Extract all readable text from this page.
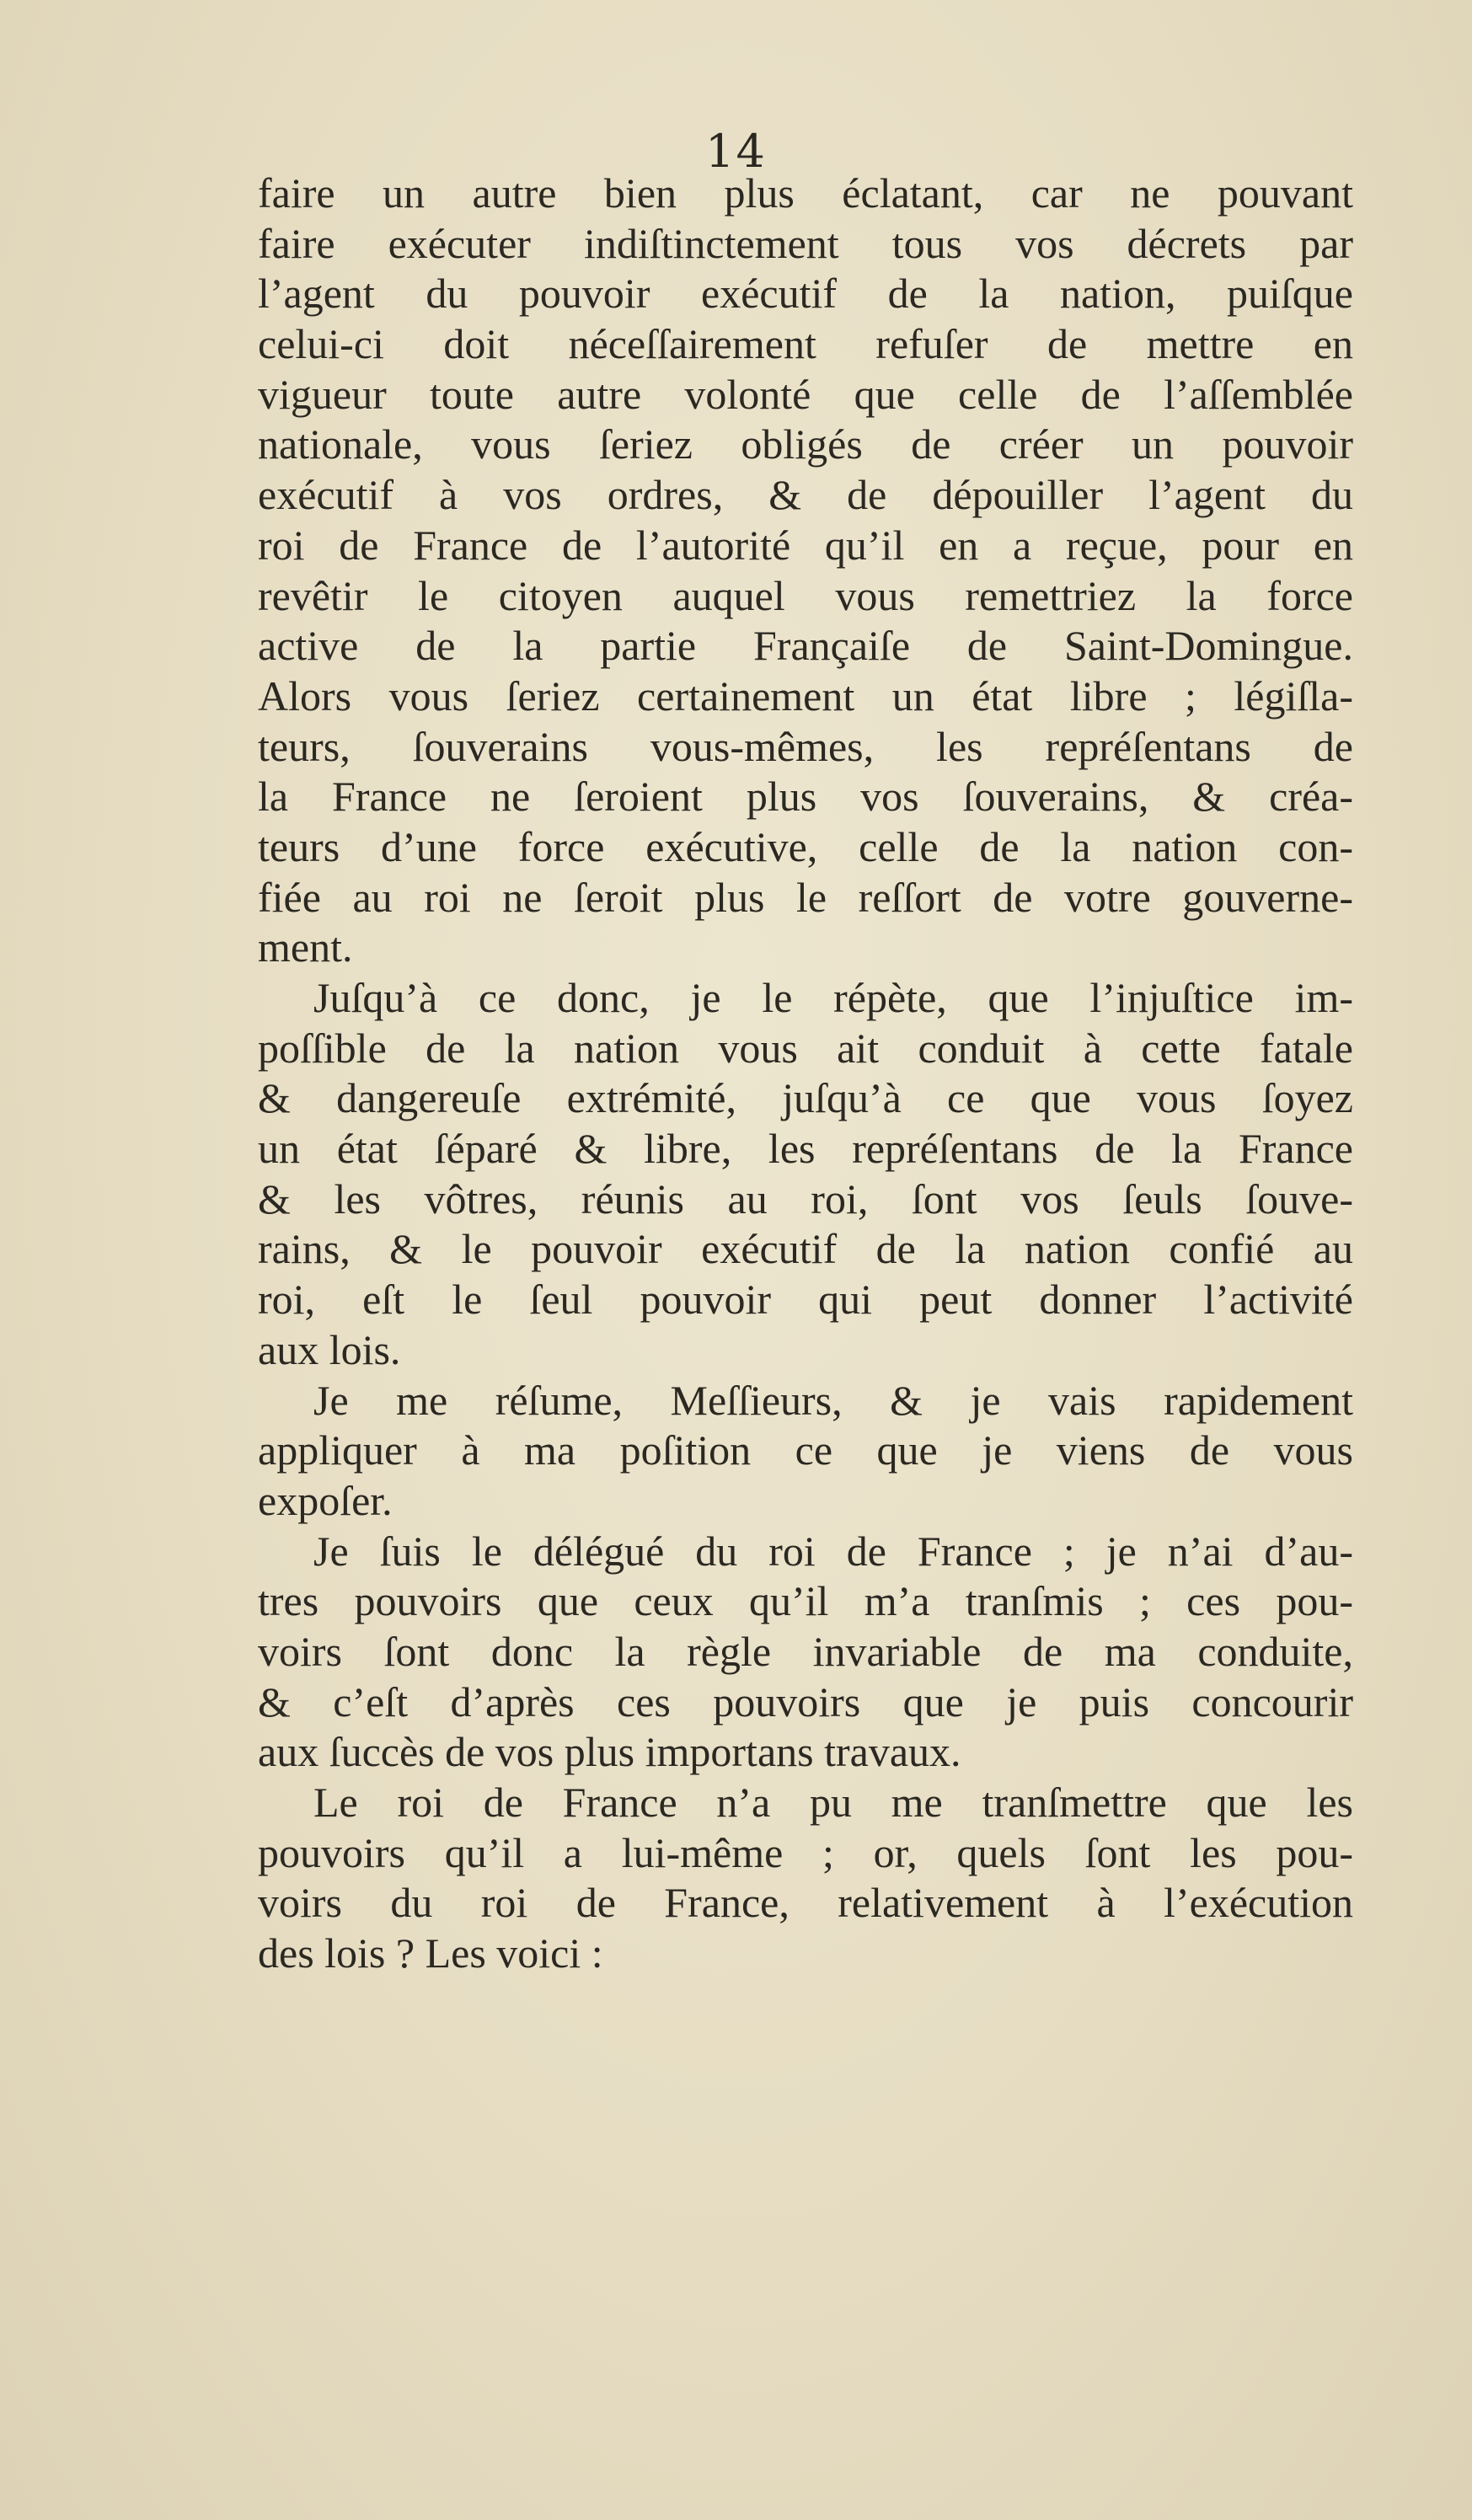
14
faire un autre bien plus éclatant, car ne pouvant
faire exécuter indiſtinctement tous vos décrets par
l’agent du pouvoir exécutif de la nation, puiſque
celui-ci doit néceſſairement refuſer de mettre en
vigueur toute autre volonté que celle de l’aſſemblée
nationale, vous ſeriez obligés de créer un pouvoir
exécutif à vos ordres, & de dépouiller l’agent du
roi de France de l’autorité qu’il en a reçue, pour en
revêtir le citoyen auquel vous remettriez la force
active de la partie Françaiſe de Saint-Domingue.
Alors vous ſeriez certainement un état libre ; légiſla-
teurs, ſouverains vous-mêmes, les repréſentans de
la France ne ſeroient plus vos ſouverains, & créa-
teurs d’une force exécutive, celle de la nation con-
fiée au roi ne ſeroit plus le reſſort de votre gouverne-
ment.
Juſqu’à ce donc, je le répète, que l’injuſtice im-
poſſible de la nation vous ait conduit à cette fatale
& dangereuſe extrémité, juſqu’à ce que vous ſoyez
un état ſéparé & libre, les repréſentans de la France
& les vôtres, réunis au roi, ſont vos ſeuls ſouve-
rains, & le pouvoir exécutif de la nation confié au
roi, eſt le ſeul pouvoir qui peut donner l’activité
aux lois.
Je me réſume, Meſſieurs, & je vais rapidement
appliquer à ma poſition ce que je viens de vous
expoſer.
Je ſuis le délégué du roi de France ; je n’ai d’au-
tres pouvoirs que ceux qu’il m’a tranſmis ; ces pou-
voirs ſont donc la règle invariable de ma conduite,
& c’eſt d’après ces pouvoirs que je puis concourir
aux ſuccès de vos plus importans travaux.
Le roi de France n’a pu me tranſmettre que les
pouvoirs qu’il a lui-même ; or, quels ſont les pou-
voirs du roi de France, relativement à l’exécution
des lois ? Les voici :
